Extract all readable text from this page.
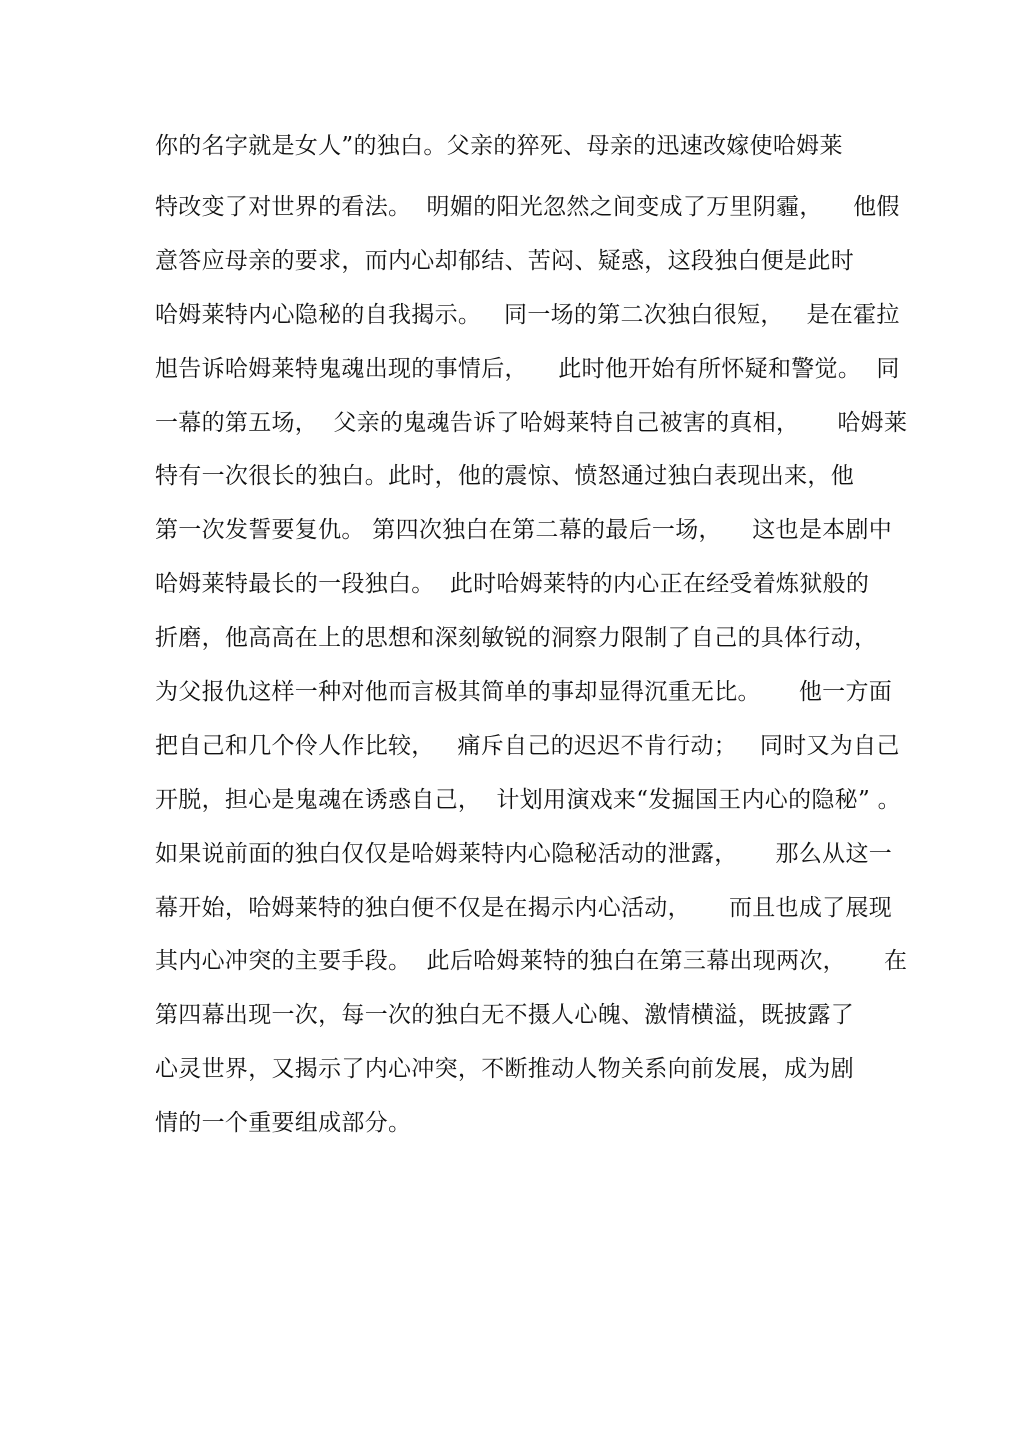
你的名字就是女人”的独白。父亲的猝死、母亲的迅速改嫁使哈姆莱
特改变了对世界的看法。  明媚的阳光忽然之间变成了万里阴霾，    他假
意答应母亲的要求，而内心却郁结、苦闷、疑惑，这段独白便是此时
哈姆莱特内心隐秘的自我揭示。   同一场的第二次独白很短，   是在霍拉
旭告诉哈姆莱特鬼魂出现的事情后，    此时他开始有所怀疑和警觉。  同
一幕的第五场，  父亲的鬼魂告诉了哈姆莱特自己被害的真相，     哈姆莱
特有一次很长的独白。此时，他的震惊、愤怒通过独白表现出来，他
第一次发誓要复仇。 第四次独白在第二幕的最后一场，    这也是本剧中
哈姆莱特最长的一段独白。  此时哈姆莱特的内心正在经受着炼狱般的
折磨，他高高在上的思想和深刻敏锐的洞察力限制了自己的具体行动，
为父报仇这样一种对他而言极其简单的事却显得沉重无比。     他一方面
把自己和几个伶人作比较，   痛斥自己的迟迟不肯行动；   同时又为自己
开脱，担心是鬼魂在诱惑自己，  计划用演戏来“发掘国王内心的隐秘” 。
如果说前面的独白仅仅是哈姆莱特内心隐秘活动的泄露，     那么从这一
幕开始，哈姆莱特的独白便不仅是在揭示内心活动，     而且也成了展现
其内心冲突的主要手段。  此后哈姆莱特的独白在第三幕出现两次，     在
第四幕出现一次，每一次的独白无不摄人心魄、激情横溢，既披露了
心灵世界，又揭示了内心冲突，不断推动人物关系向前发展，成为剧
情的一个重要组成部分。
